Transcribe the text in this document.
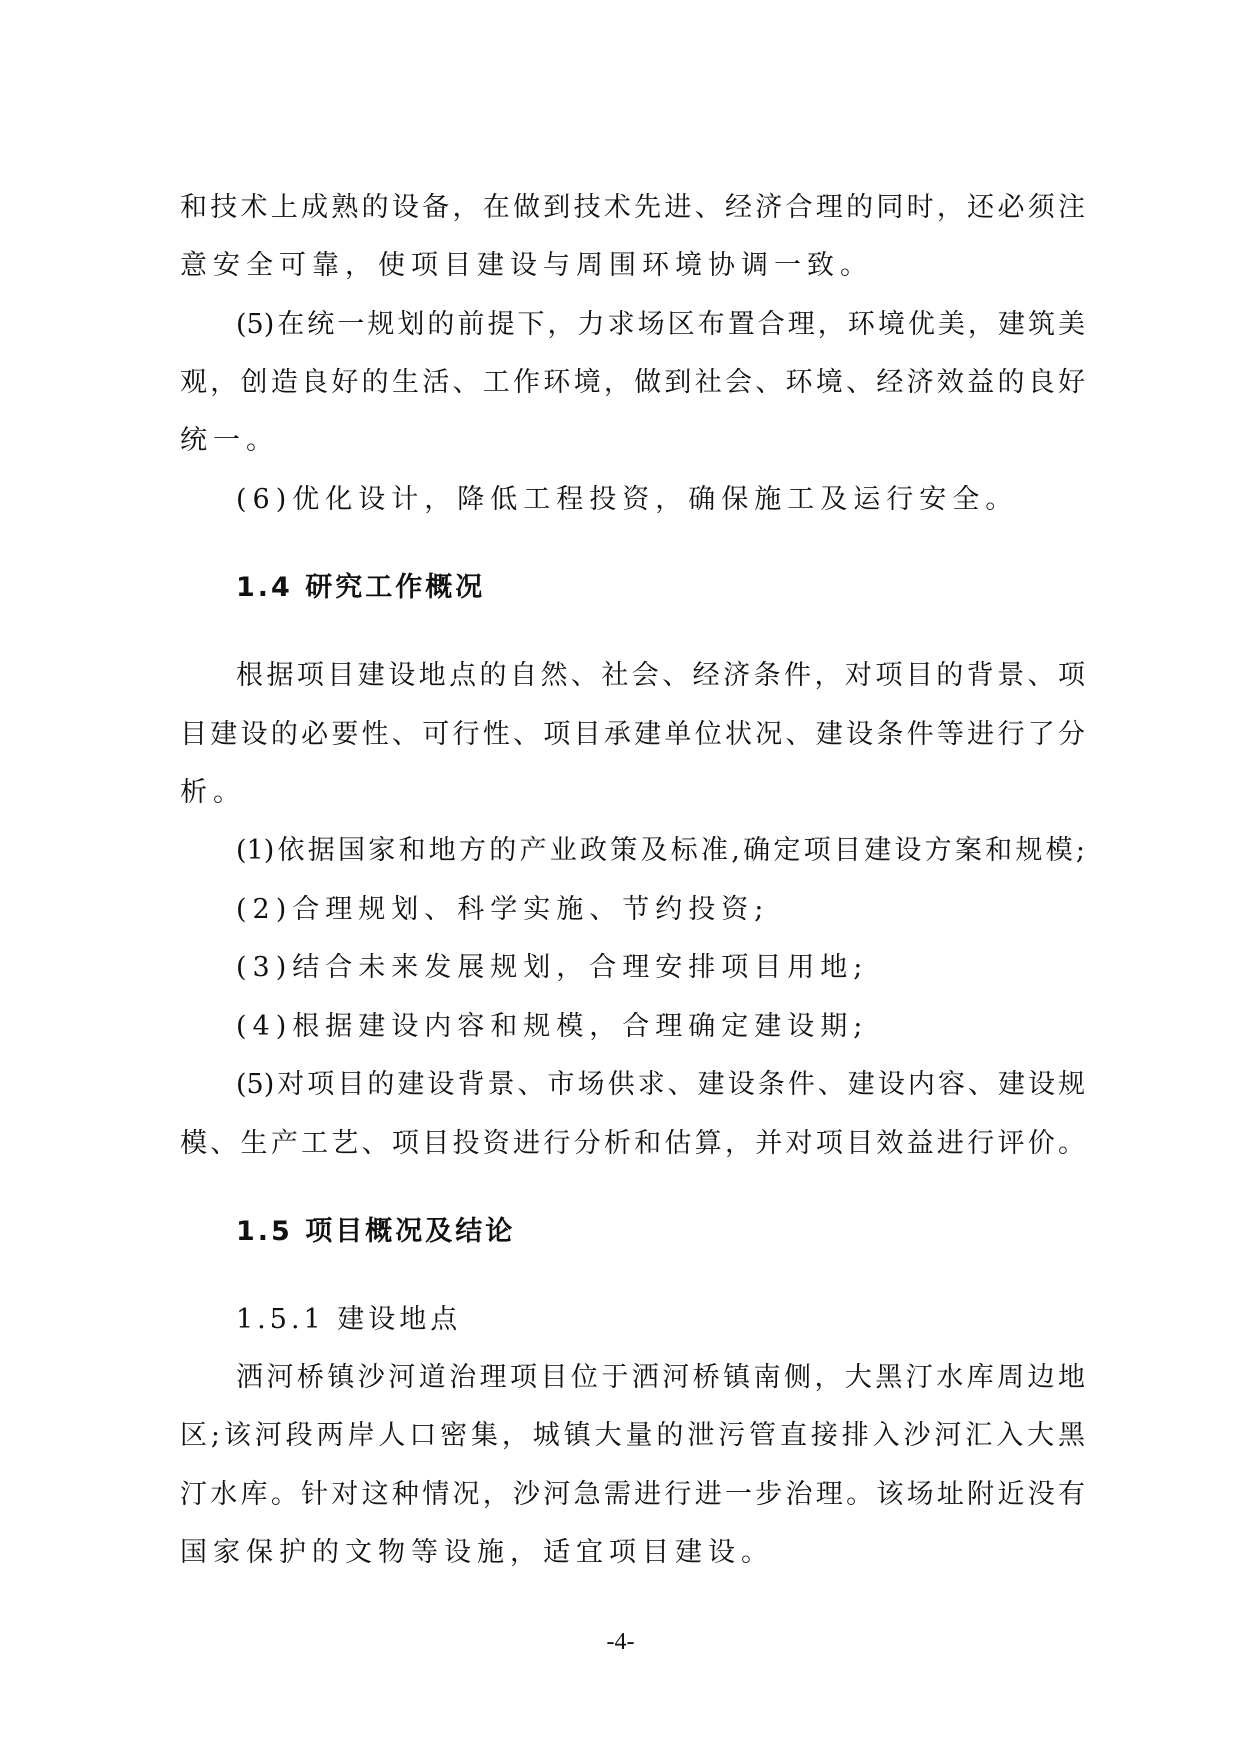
和技术上成熟的设备，在做到技术先进、经济合理的同时，还必须注
意安全可靠，使项目建设与周围环境协调一致。
(5)在统一规划的前提下，力求场区布置合理，环境优美，建筑美
观，创造良好的生活、工作环境，做到社会、环境、经济效益的良好
统一。
(6)优化设计，降低工程投资，确保施工及运行安全。
1.4 研究工作概况
根据项目建设地点的自然、社会、经济条件，对项目的背景、项
目建设的必要性、可行性、项目承建单位状况、建设条件等进行了分
析。
(1)依据国家和地方的产业政策及标准,确定项目建设方案和规模;
(2)合理规划、科学实施、节约投资;
(3)结合未来发展规划，合理安排项目用地;
(4)根据建设内容和规模，合理确定建设期;
(5)对项目的建设背景、市场供求、建设条件、建设内容、建设规
模、生产工艺、项目投资进行分析和估算，并对项目效益进行评价。
1.5 项目概况及结论
1.5.1 建设地点
洒河桥镇沙河道治理项目位于洒河桥镇南侧，大黑汀水库周边地
区;该河段两岸人口密集，城镇大量的泄污管直接排入沙河汇入大黑
汀水库。针对这种情况，沙河急需进行进一步治理。该场址附近没有
国家保护的文物等设施，适宜项目建设。
-4-
